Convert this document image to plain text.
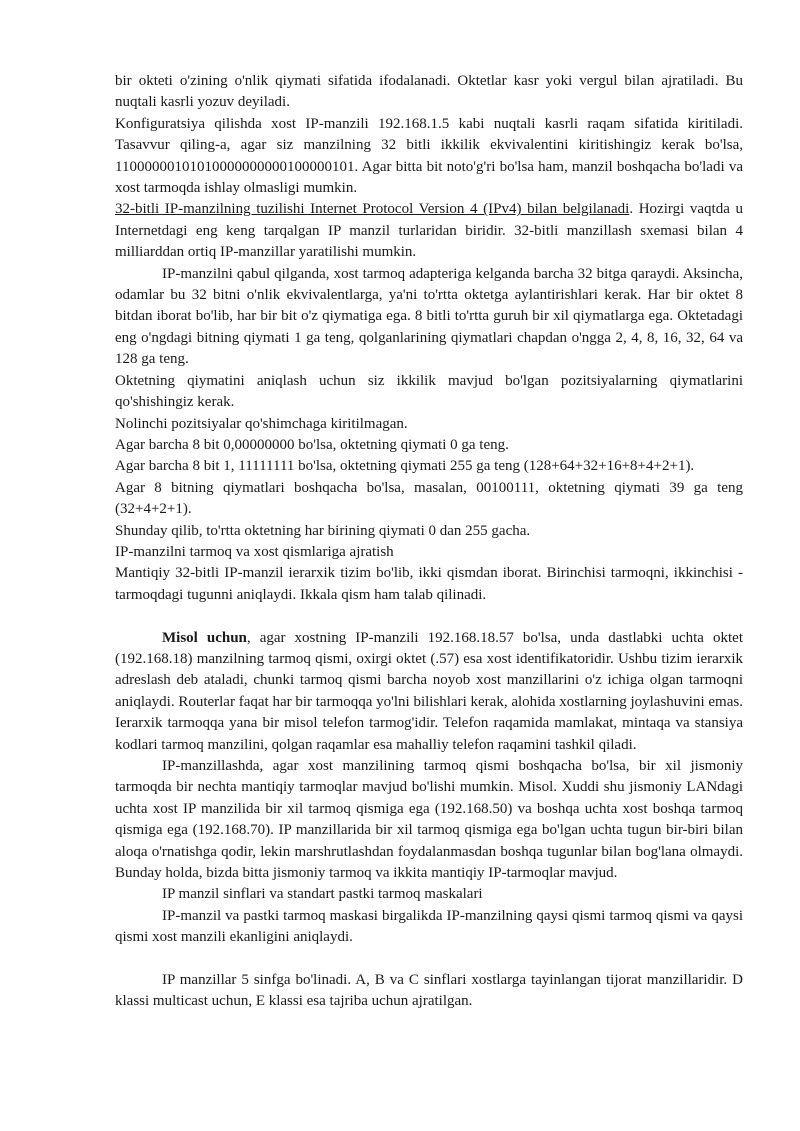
bir okteti o'zining o'nlik qiymati sifatida ifodalanadi. Oktetlar kasr yoki vergul bilan ajratiladi. Bu nuqtali kasrli yozuv deyiladi.

Konfiguratsiya qilishda xost IP-manzili 192.168.1.5 kabi nuqtali kasrli raqam sifatida kiritiladi. Tasavvur qiling-a, agar siz manzilning 32 bitli ikkilik ekvivalentini kiritishingiz kerak bo'lsa, 11000000101010000000000100000101. Agar bitta bit noto'g'ri bo'lsa ham, manzil boshqacha bo'ladi va xost tarmoqda ishlay olmasligi mumkin.

32-bitli IP-manzilning tuzilishi Internet Protocol Version 4 (IPv4) bilan belgilanadi. Hozirgi vaqtda u Internetdagi eng keng tarqalgan IP manzil turlaridan biridir. 32-bitli manzillash sxemasi bilan 4 milliarddan ortiq IP-manzillar yaratilishi mumkin.

IP-manzilni qabul qilganda, xost tarmoq adapteriga kelganda barcha 32 bitga qaraydi. Aksincha, odamlar bu 32 bitni o'nlik ekvivalentlarga, ya'ni to'rtta oktetga aylantirishlari kerak. Har bir oktet 8 bitdan iborat bo'lib, har bir bit o'z qiymatiga ega. 8 bitli to'rtta guruh bir xil qiymatlarga ega. Oktetadagi eng o'ngdagi bitning qiymati 1 ga teng, qolganlarining qiymatlari chapdan o'ngga 2, 4, 8, 16, 32, 64 va 128 ga teng.

Oktetning qiymatini aniqlash uchun siz ikkilik mavjud bo'lgan pozitsiyalarning qiymatlarini qo'shishingiz kerak.

Nolinchi pozitsiyalar qo'shimchaga kiritilmagan.

Agar barcha 8 bit 0,00000000 bo'lsa, oktetning qiymati 0 ga teng.

Agar barcha 8 bit 1, 11111111 bo'lsa, oktetning qiymati 255 ga teng (128+64+32+16+8+4+2+1).

Agar 8 bitning qiymatlari boshqacha bo'lsa, masalan, 00100111, oktetning qiymati 39 ga teng (32+4+2+1).

Shunday qilib, to'rtta oktetning har birining qiymati 0 dan 255 gacha.

IP-manzilni tarmoq va xost qismlariga ajratish

Mantiqiy 32-bitli IP-manzil ierarxik tizim bo'lib, ikki qismdan iborat. Birinchisi tarmoqni, ikkinchisi - tarmoqdagi tugunni aniqlaydi. Ikkala qism ham talab qilinadi.

Misol uchun, agar xostning IP-manzili 192.168.18.57 bo'lsa, unda dastlabki uchta oktet (192.168.18) manzilning tarmoq qismi, oxirgi oktet (.57) esa xost identifikatoridir. Ushbu tizim ierarxik adreslash deb ataladi, chunki tarmoq qismi barcha noyob xost manzillarini o'z ichiga olgan tarmoqni aniqlaydi. Routerlar faqat har bir tarmoqqa yo'lni bilishlari kerak, alohida xostlarning joylashuvini emas.

Ierarxik tarmoqqa yana bir misol telefon tarmog'idir. Telefon raqamida mamlakat, mintaqa va stansiya kodlari tarmoq manzilini, qolgan raqamlar esa mahalliy telefon raqamini tashkil qiladi.

IP-manzillashda, agar xost manzilining tarmoq qismi boshqacha bo'lsa, bir xil jismoniy tarmoqda bir nechta mantiqiy tarmoqlar mavjud bo'lishi mumkin. Misol. Xuddi shu jismoniy LANdagi uchta xost IP manzilida bir xil tarmoq qismiga ega (192.168.50) va boshqa uchta xost boshqa tarmoq qismiga ega (192.168.70). IP manzillarida bir xil tarmoq qismiga ega bo'lgan uchta tugun bir-biri bilan aloqa o'rnatishga qodir, lekin marshrutlashdan foydalanmasdan boshqa tugunlar bilan bog'lana olmaydi. Bunday holda, bizda bitta jismoniy tarmoq va ikkita mantiqiy IP-tarmoqlar mavjud.

IP manzil sinflari va standart pastki tarmoq maskalari

IP-manzil va pastki tarmoq maskasi birgalikda IP-manzilning qaysi qismi tarmoq qismi va qaysi qismi xost manzili ekanligini aniqlaydi.

IP manzillar 5 sinfga bo'linadi. A, B va C sinflari xostlarga tayinlangan tijorat manzillaridir. D klassi multicast uchun, E klassi esa tajriba uchun ajratilgan.
